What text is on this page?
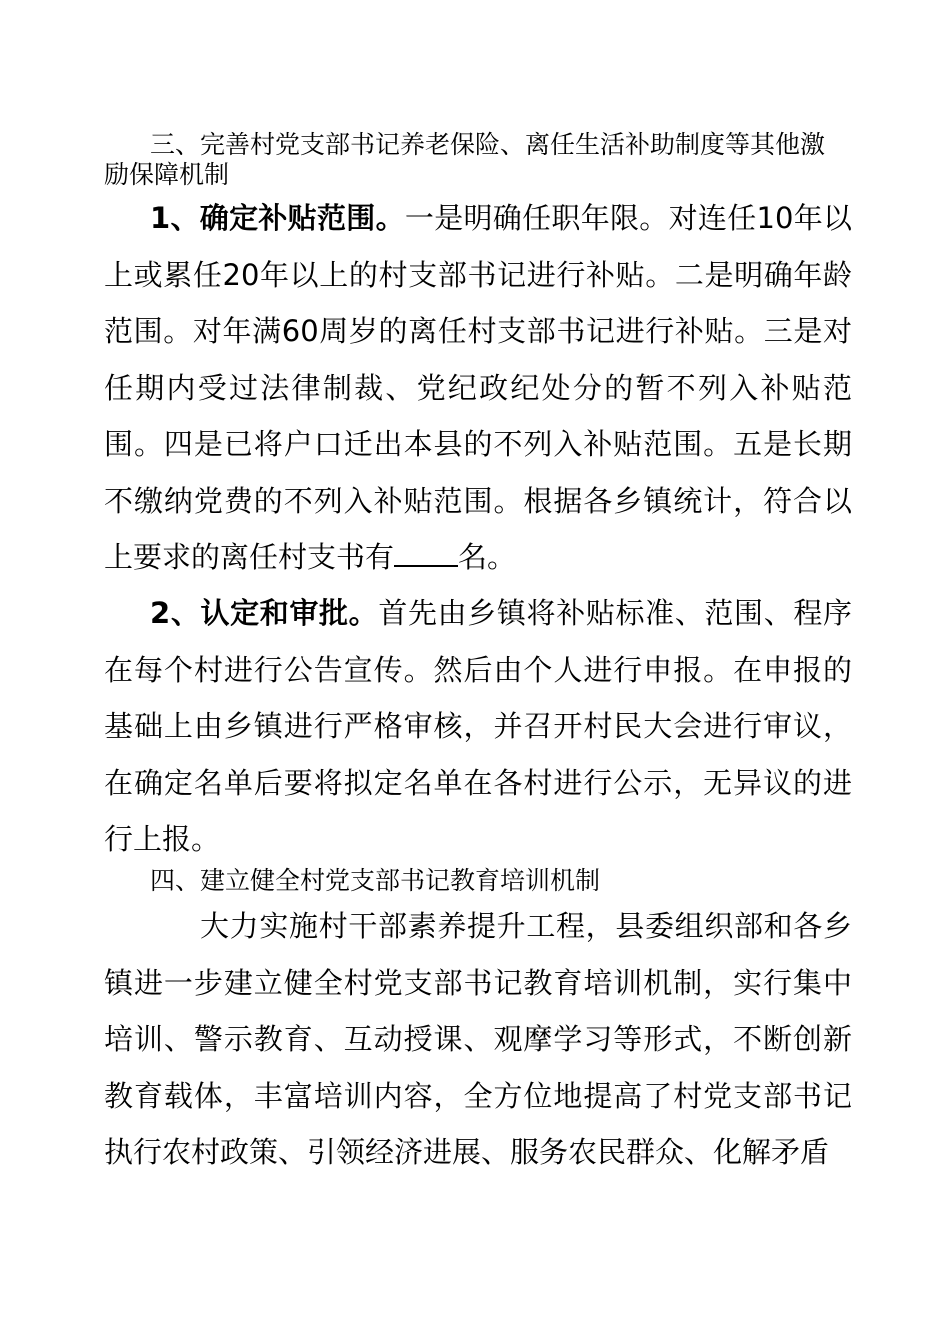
三、完善村党支部书记养老保险、离任生活补助制度等其他激励保障机制

1、确定补贴范围。一是明确任职年限。对连任10年以上或累任20年以上的村支部书记进行补贴。二是明确年龄范围。对年满60周岁的离任村支部书记进行补贴。三是对任期内受过法律制裁、党纪政纪处分的暂不列入补贴范围。四是已将户口迁出本县的不列入补贴范围。五是长期不缴纳党费的不列入补贴范围。根据各乡镇统计，符合以上要求的离任村支书有 名。

2、认定和审批。首先由乡镇将补贴标准、范围、程序在每个村进行公告宣传。然后由个人进行申报。在申报的基础上由乡镇进行严格审核，并召开村民大会进行审议，在确定名单后要将拟定名单在各村进行公示，无异议的进行上报。

四、建立健全村党支部书记教育培训机制

大力实施村干部素养提升工程，县委组织部和各乡镇进一步建立健全村党支部书记教育培训机制，实行集中培训、警示教育、互动授课、观摩学习等形式，不断创新教育载体，丰富培训内容，全方位地提高了村党支部书记执行农村政策、引领经济进展、服务农民群众、化解矛盾
